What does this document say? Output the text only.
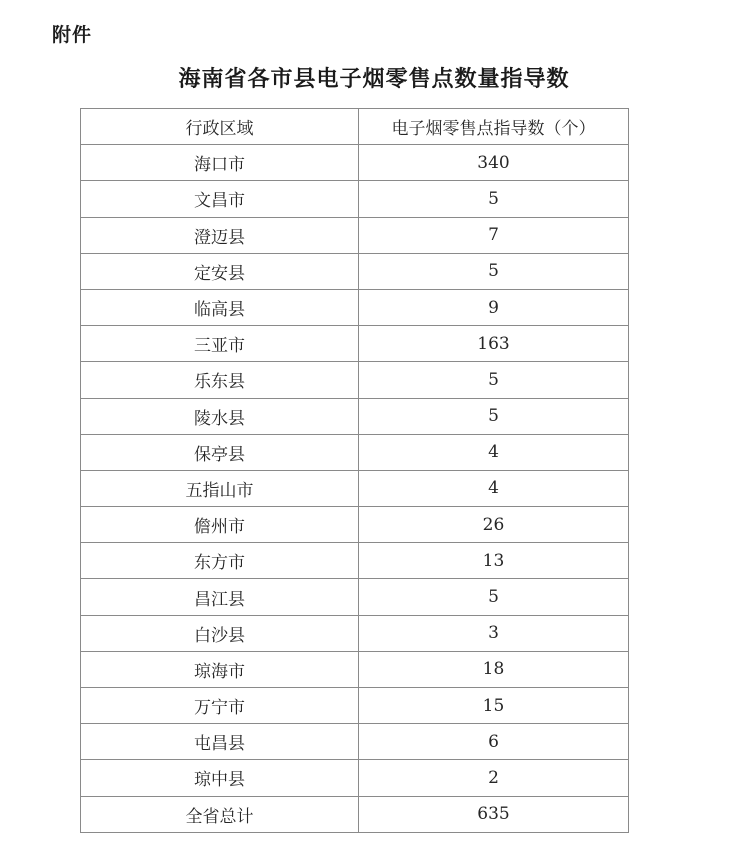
附件
海南省各市县电子烟零售点数量指导数
行政区域	电子烟零售点指导数（个）
海口市	340
文昌市	5
澄迈县	7
定安县	5
临高县	9
三亚市	163
乐东县	5
陵水县	5
保亭县	4
五指山市	4
儋州市	26
东方市	13
昌江县	5
白沙县	3
琼海市	18
万宁市	15
屯昌县	6
琼中县	2
全省总计	635
